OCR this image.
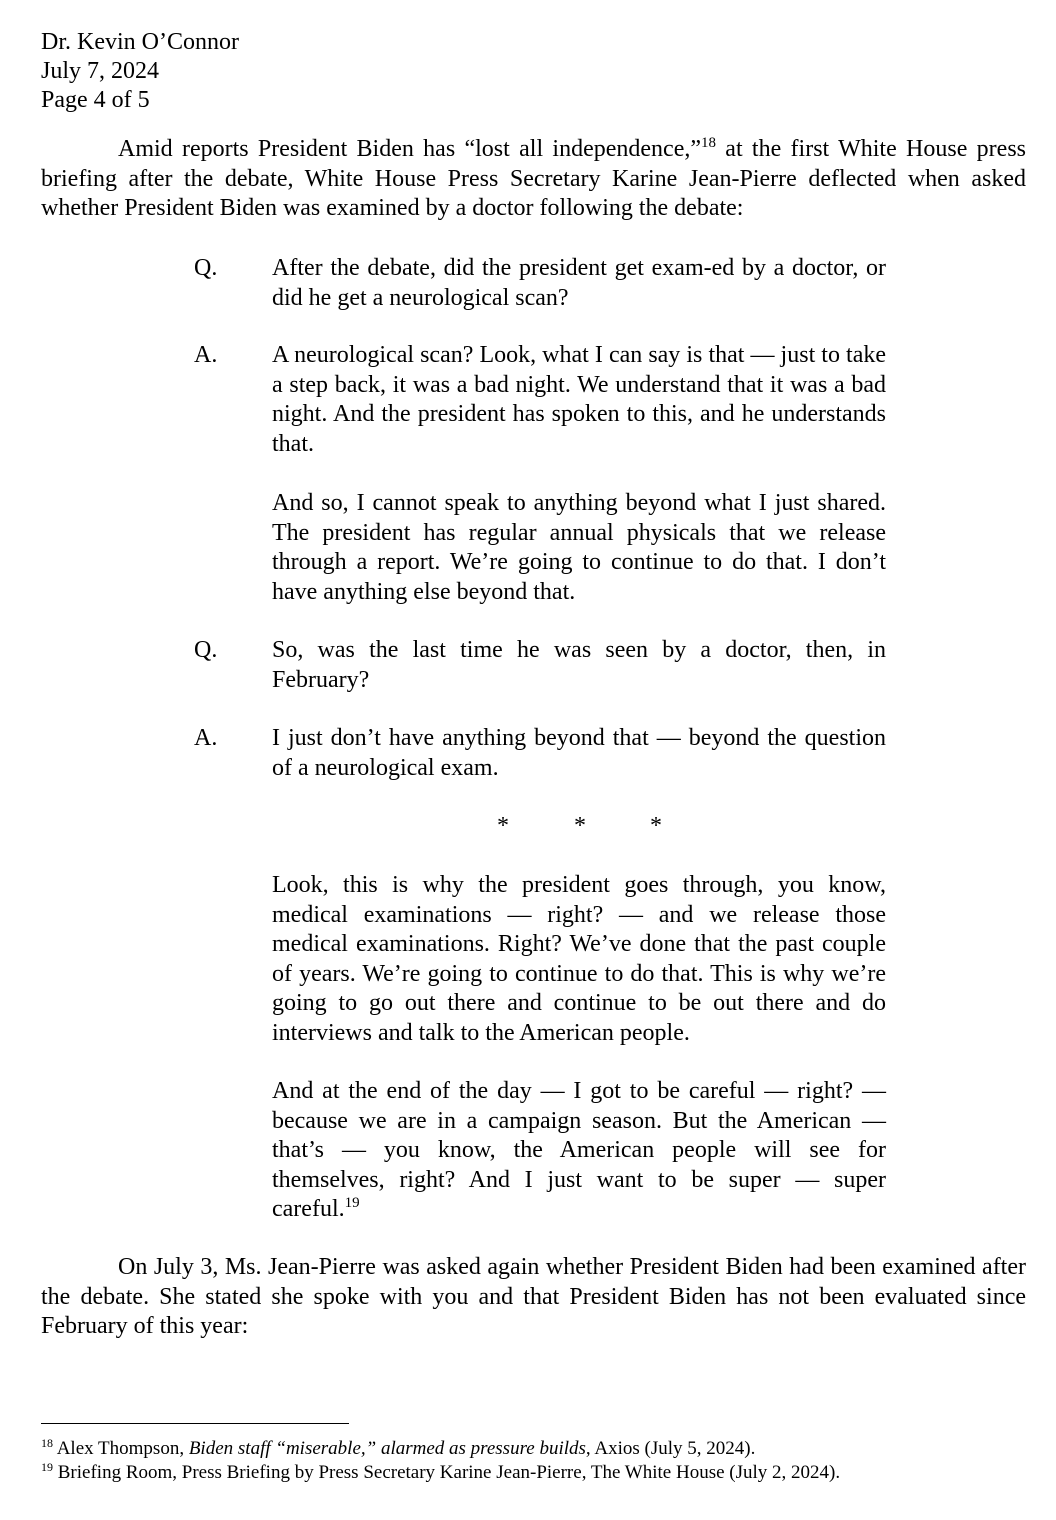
Dr. Kevin O’Connor
July 7, 2024
Page 4 of 5

Amid reports President Biden has “lost all independence,”$^{18}$ at the first White House press briefing after the debate, White House Press Secretary Karine Jean-Pierre deflected when asked whether President Biden was examined by a doctor following the debate:

Q. After the debate, did the president get exam-ed by a doctor, or did he get a neurological scan?

A. A neurological scan? Look, what I can say is that — just to take a step back, it was a bad night. We understand that it was a bad night. And the president has spoken to this, and he understands that.

And so, I cannot speak to anything beyond what I just shared. The president has regular annual physicals that we release through a report. We’re going to continue to do that. I don’t have anything else beyond that.

Q. So, was the last time he was seen by a doctor, then, in February?

A. I just don’t have anything beyond that — beyond the question of a neurological exam.

*	*	*

Look, this is why the president goes through, you know, medical examinations — right? — and we release those medical examinations. Right? We’ve done that the past couple of years. We’re going to continue to do that. This is why we’re going to go out there and continue to be out there and do interviews and talk to the American people.

And at the end of the day — I got to be careful — right? — because we are in a campaign season. But the American — that’s — you know, the American people will see for themselves, right? And I just want to be super — super careful.$^{19}$

On July 3, Ms. Jean-Pierre was asked again whether President Biden had been examined after the debate. She stated she spoke with you and that President Biden has not been evaluated since February of this year:

$^{18}$ Alex Thompson, Biden staff “miserable,” alarmed as pressure builds, Axios (July 5, 2024).
$^{19}$ Briefing Room, Press Briefing by Press Secretary Karine Jean-Pierre, The White House (July 2, 2024).
